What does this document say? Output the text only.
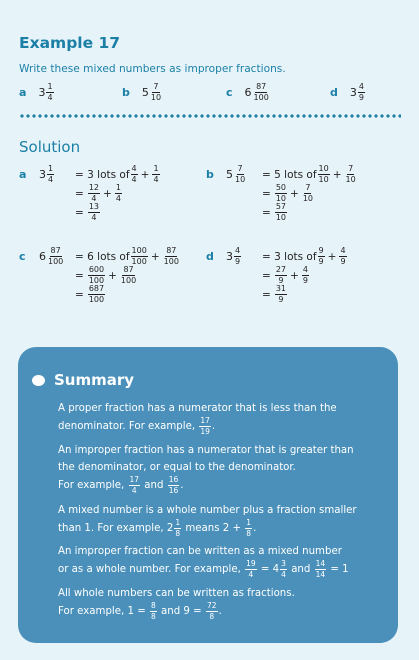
Example 17
Write these mixed numbers as improper fractions.
a $3 \frac{1}{4}$	b $5 \frac{7}{10}$	c $6 \frac{87}{100}$	d $3 \frac{4}{9}$
Solution
a	$3 \frac{1}{4} = 3$ lots of $\frac{4}{4} + \frac{1}{4}$
= $\frac{12}{4} + \frac{1}{4}$
= $\frac{13}{4}$
b	$5 \frac{7}{10} = 5$ lots of $\frac{10}{10} + \frac{7}{10}$
= $\frac{50}{10} + \frac{7}{10}$
= $\frac{57}{10}$
c	$6 \frac{87}{100} = 6$ lots of $\frac{100}{100} + \frac{87}{100}$
= $\frac{600}{100} + \frac{87}{100}$
= $\frac{687}{100}$
d	$3 \frac{4}{9} = 3$ lots of $\frac{9}{9} + \frac{4}{9}$
= $\frac{27}{9} + \frac{4}{9}$
= $\frac{31}{9}$
Summary
A proper fraction has a numerator that is less than the
denominator. For example, $\frac{17}{19}$ .
An improper fraction has a numerator that is greater than
the denominator, or equal to the denominator.
For example, $\frac{17}{4}$ and $\frac{16}{16}$ .
A mixed number is a whole number plus a fraction smaller
than 1. For example, $2 \frac{1}{8}$ means $2 + \frac{1}{8}$ .
An improper fraction can be written as a mixed number
or as a whole number. For example, $\frac{19}{4} = 4 \frac{3}{4}$ and $\frac{14}{14} = 1$
All whole numbers can be written as fractions.
For example, $1 = \frac{8}{8}$ and $9 = \frac{72}{8}$ .
